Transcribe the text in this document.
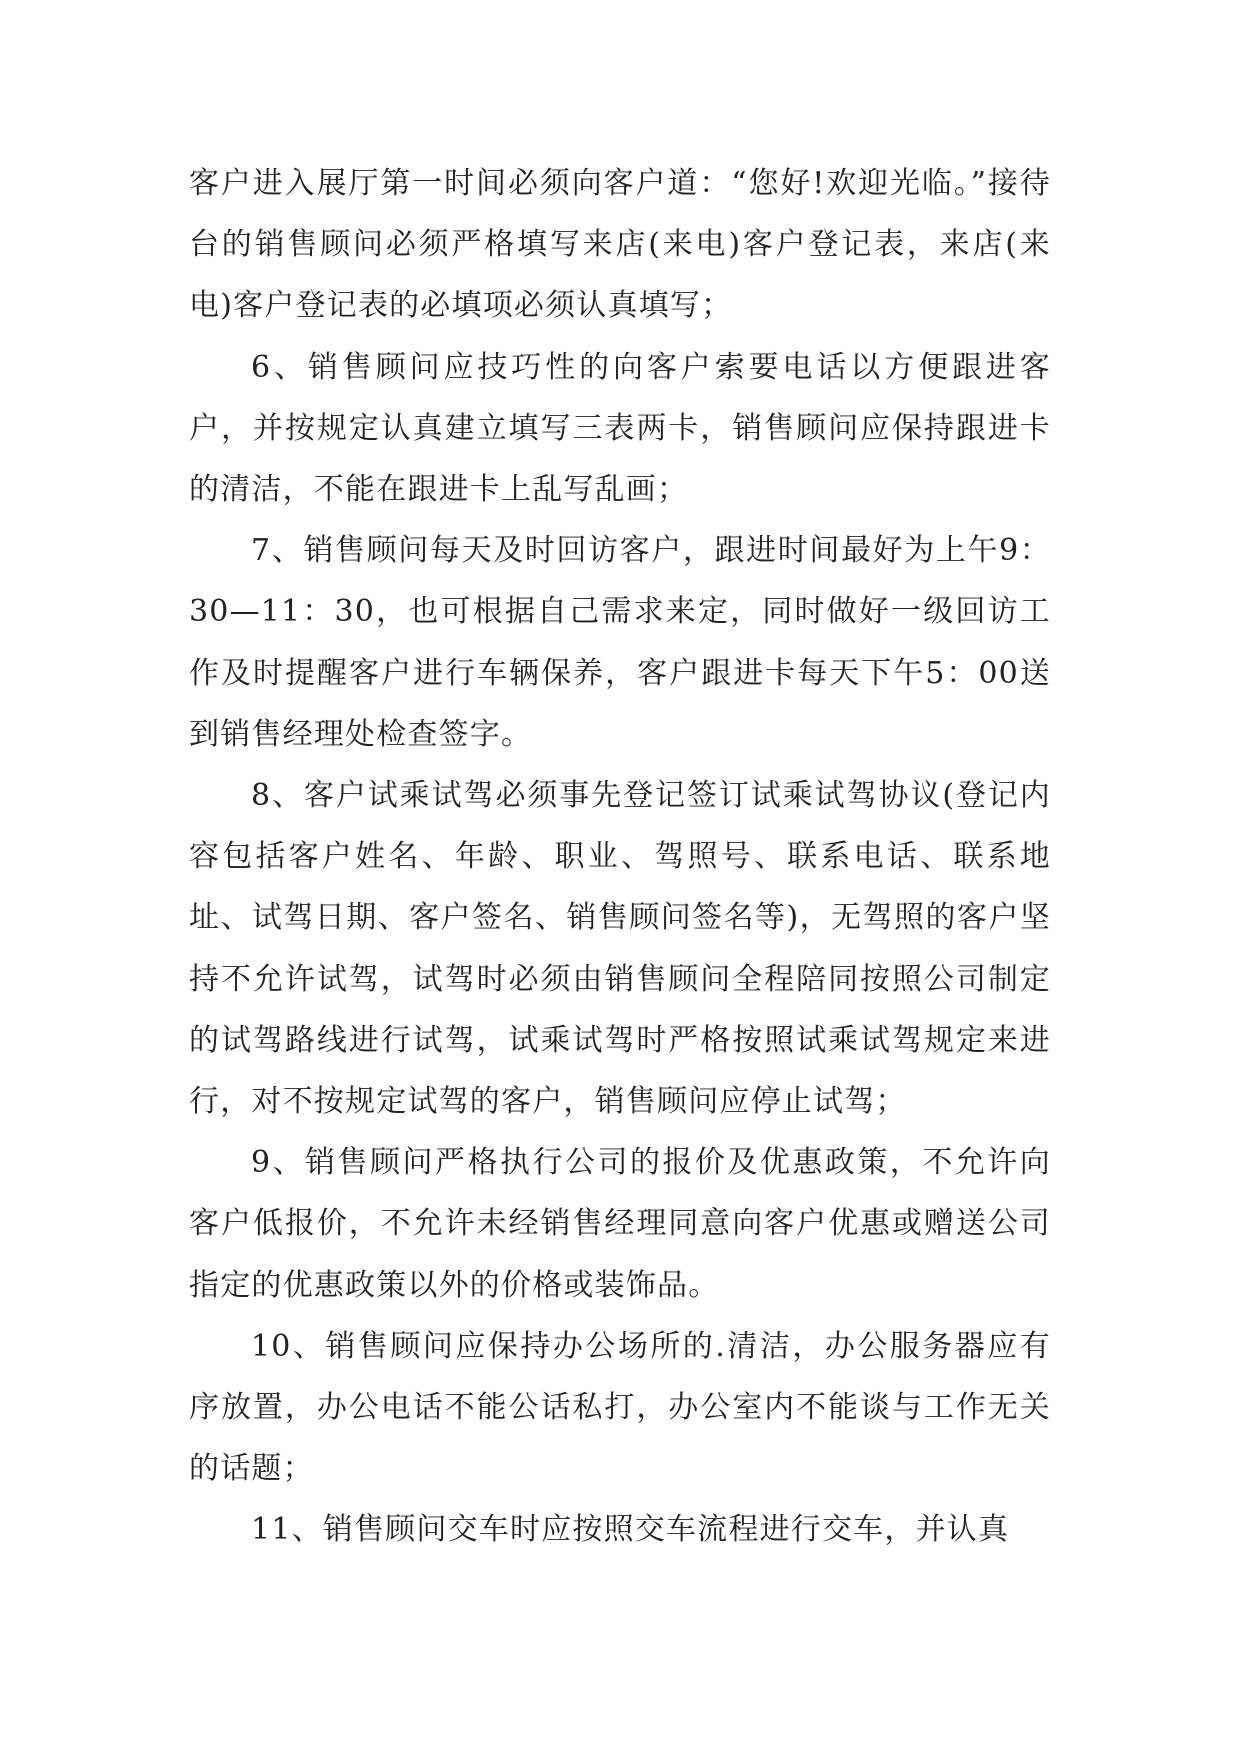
客户进入展厅第一时间必须向客户道：“您好!欢迎光临。”接待台的销售顾问必须严格填写来店(来电)客户登记表，来店(来电)客户登记表的必填项必须认真填写；

6、销售顾问应技巧性的向客户索要电话以方便跟进客户，并按规定认真建立填写三表两卡，销售顾问应保持跟进卡的清洁，不能在跟进卡上乱写乱画；

7、销售顾问每天及时回访客户，跟进时间最好为上午9：30—11：30，也可根据自己需求来定，同时做好一级回访工作及时提醒客户进行车辆保养，客户跟进卡每天下午5：00送到销售经理处检查签字。

8、客户试乘试驾必须事先登记签订试乘试驾协议(登记内容包括客户姓名、年龄、职业、驾照号、联系电话、联系地址、试驾日期、客户签名、销售顾问签名等)，无驾照的客户坚持不允许试驾，试驾时必须由销售顾问全程陪同按照公司制定的试驾路线进行试驾，试乘试驾时严格按照试乘试驾规定来进行，对不按规定试驾的客户，销售顾问应停止试驾；

9、销售顾问严格执行公司的报价及优惠政策，不允许向客户低报价，不允许未经销售经理同意向客户优惠或赠送公司指定的优惠政策以外的价格或装饰品。

10、销售顾问应保持办公场所的.清洁，办公服务器应有序放置，办公电话不能公话私打，办公室内不能谈与工作无关的话题；

11、销售顾问交车时应按照交车流程进行交车，并认真
